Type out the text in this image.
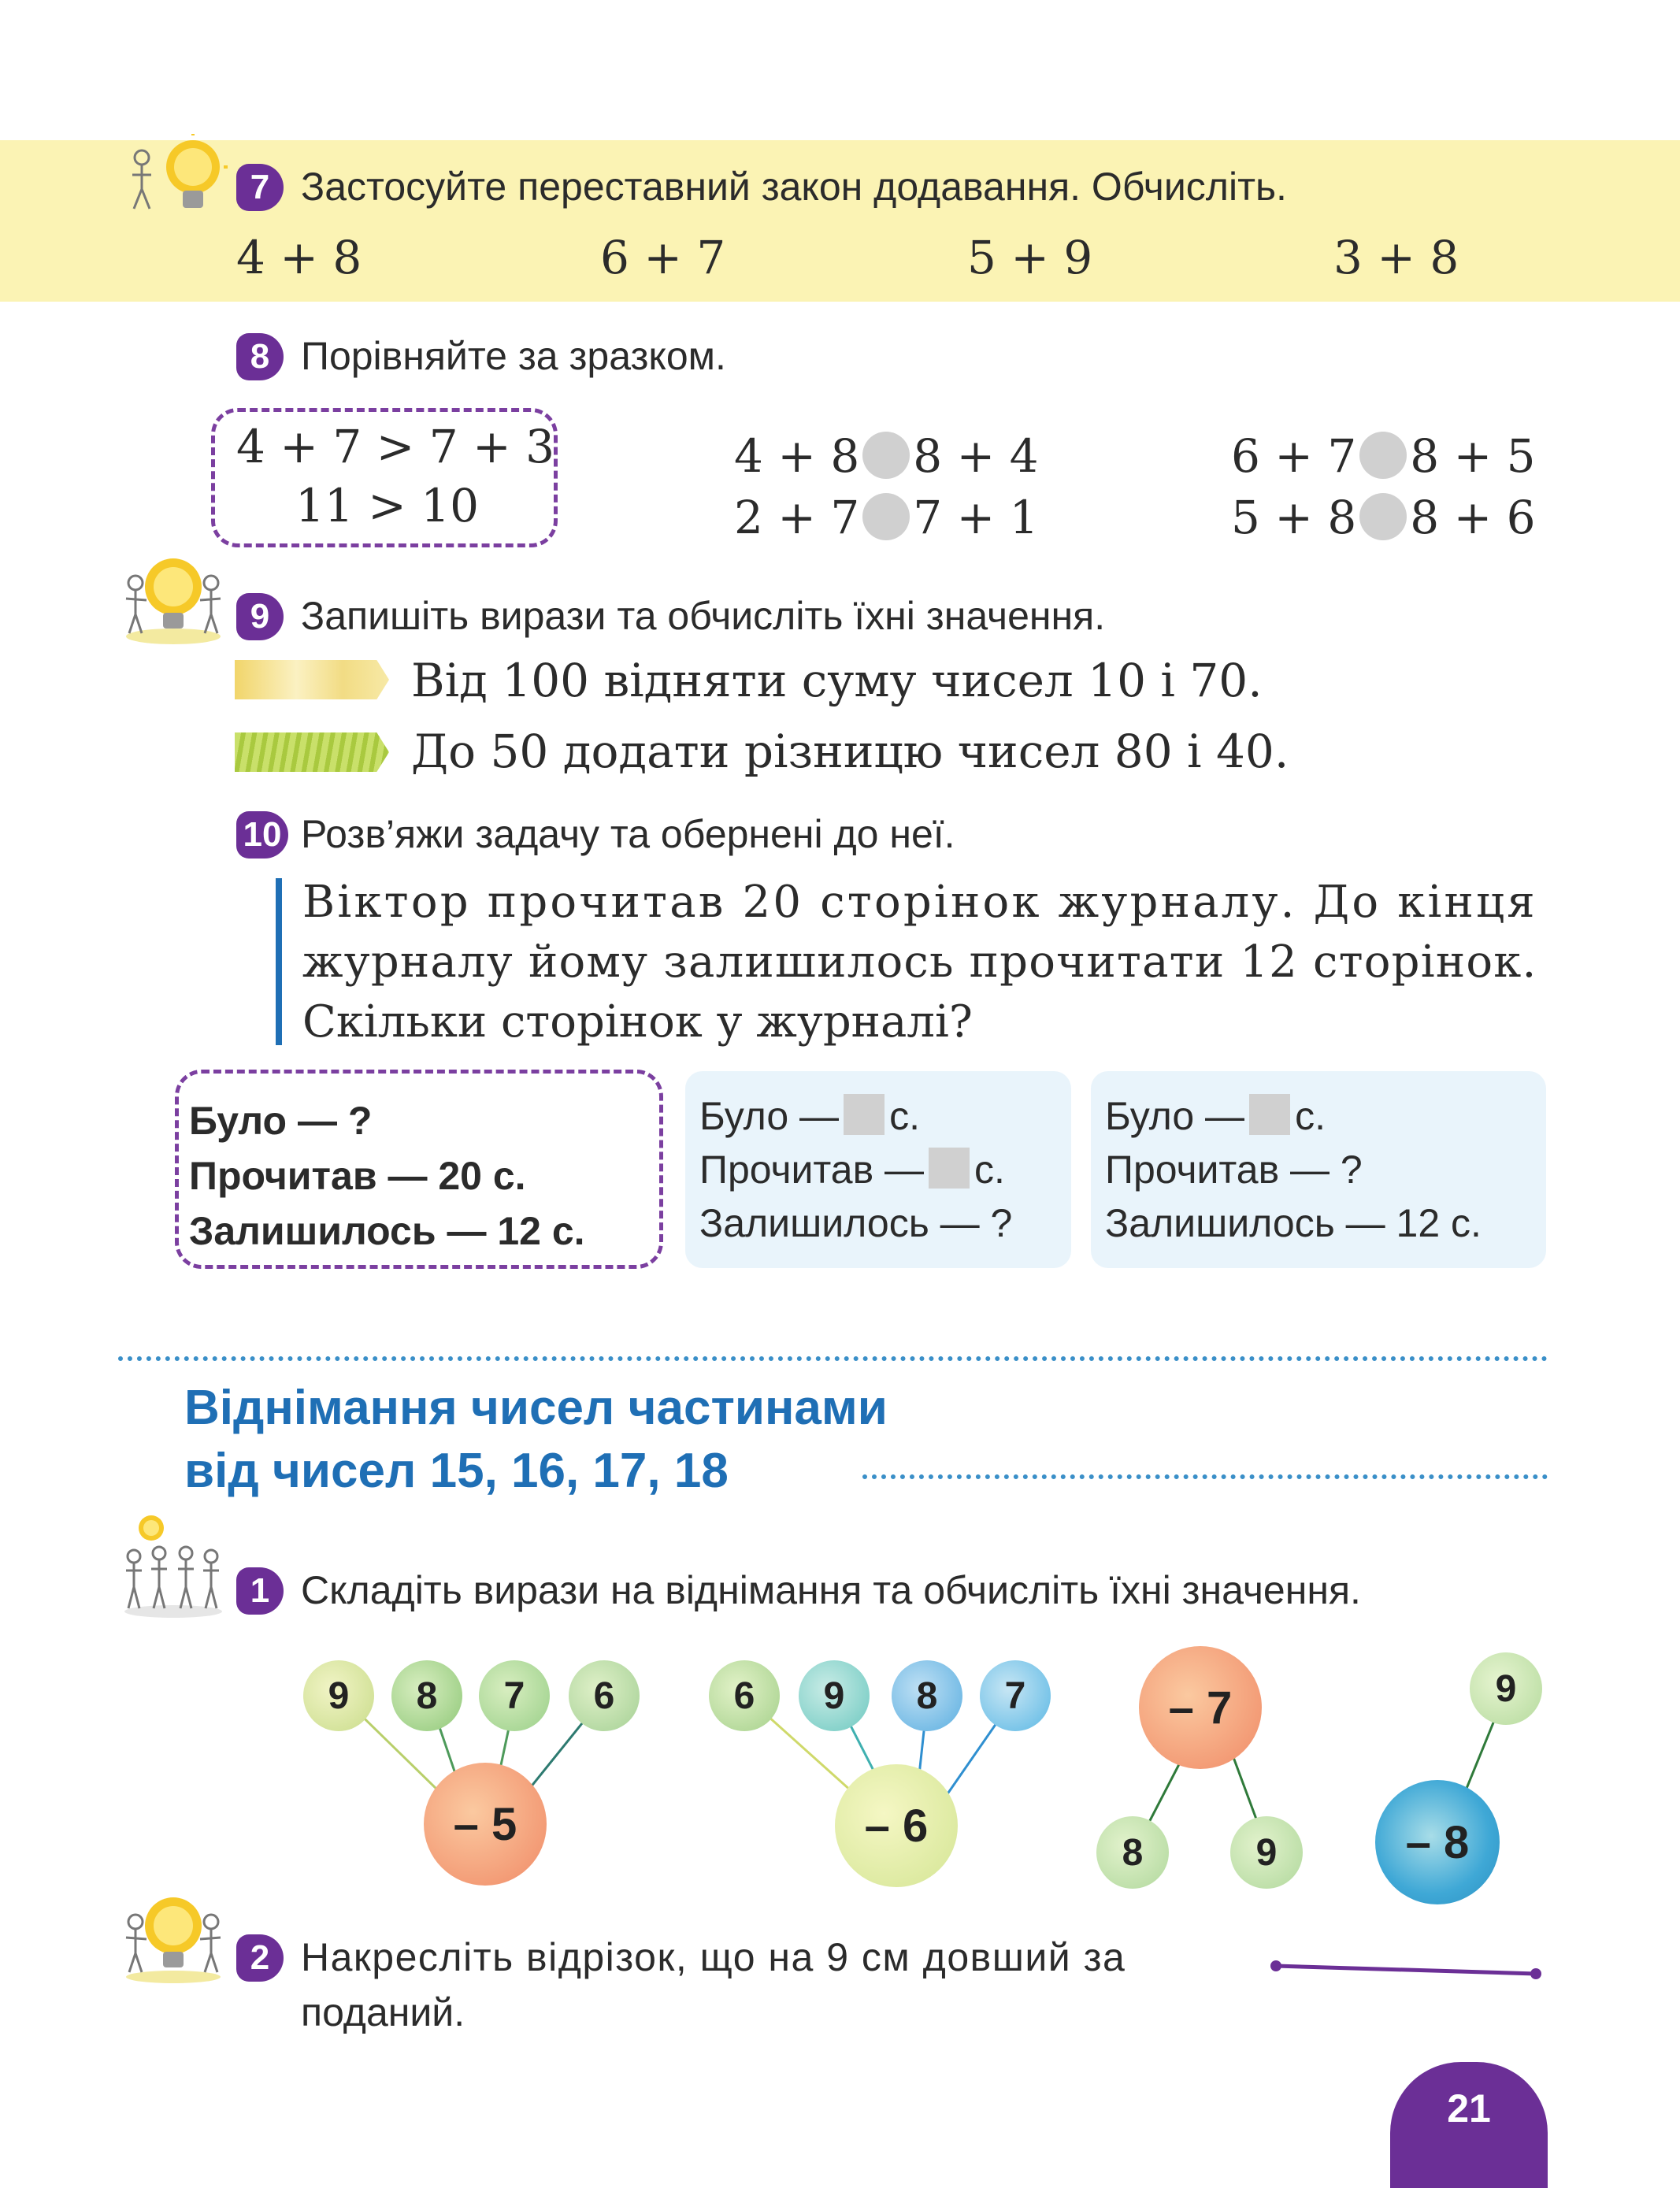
7 Застосуйте переставний закон додавання. Обчисліть.
4 + 8	6 + 7	5 + 9	3 + 8
8 Порівняйте за зразком.
4 + 7 > 7 + 3
11 > 10
4 + 8 8 + 4
2 + 7 7 + 1
6 + 7 8 + 5
5 + 8 8 + 6
9 Запишіть вирази та обчисліть їхні значення.
Від 100 відняти суму чисел 10 і 70.
До 50 додати різницю чисел 80 і 40.
10 Розв’яжи задачу та обернені до неї.
Віктор прочитав 20 сторінок журналу. До кінця
журналу йому залишилось прочитати 12 сторінок.
Скільки сторінок у журналі?
Було — ?
Прочитав — 20 с.
Залишилось — 12 с.
Було — с.
Прочитав — с.
Залишилось — ?
Було — с.
Прочитав — ?
Залишилось — 12 с.
Віднімання чисел частинами
від чисел 15, 16, 17, 18
1 Складіть вирази на віднімання та обчисліть їхні значення.
9	8	7	6
– 5
6	9	8	7
– 6
– 7
8	9
9
– 8
2 Накресліть відрізок, що на 9 см довший за
поданий.
21
